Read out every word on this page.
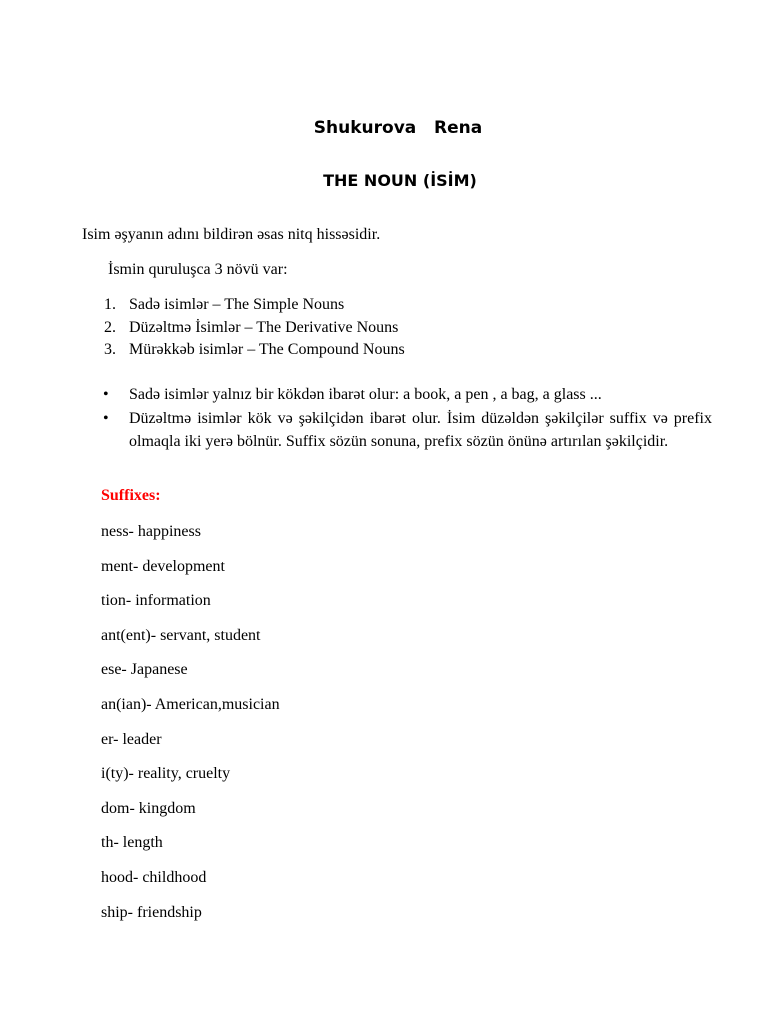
Shukurova   Rena
THE NOUN (İSİM)
Isim əşyanın adını bildirən əsas nitq hissəsidir.
İsmin quruluşca 3 növü var:
1. Sadə isimlər – The Simple Nouns
2. Düzəltmə İsimlər – The Derivative Nouns
3. Mürəkkəb isimlər – The Compound Nouns
• Sadə isimlər yalnız bir kökdən ibarət olur: a book, a pen , a bag, a glass ...
• Düzəltmə isimlər kök və şəkilçidən ibarət olur. İsim düzəldən şəkilçilər suffix və prefix olmaqla iki yerə bölnür. Suffix sözün sonuna, prefix sözün önünə artırılan şəkilçidir.
Suffixes:
ness- happiness
ment- development
tion- information
ant(ent)- servant, student
ese- Japanese
an(ian)- American,musician
er- leader
i(ty)- reality, cruelty
dom- kingdom
th- length
hood- childhood
ship- friendship
